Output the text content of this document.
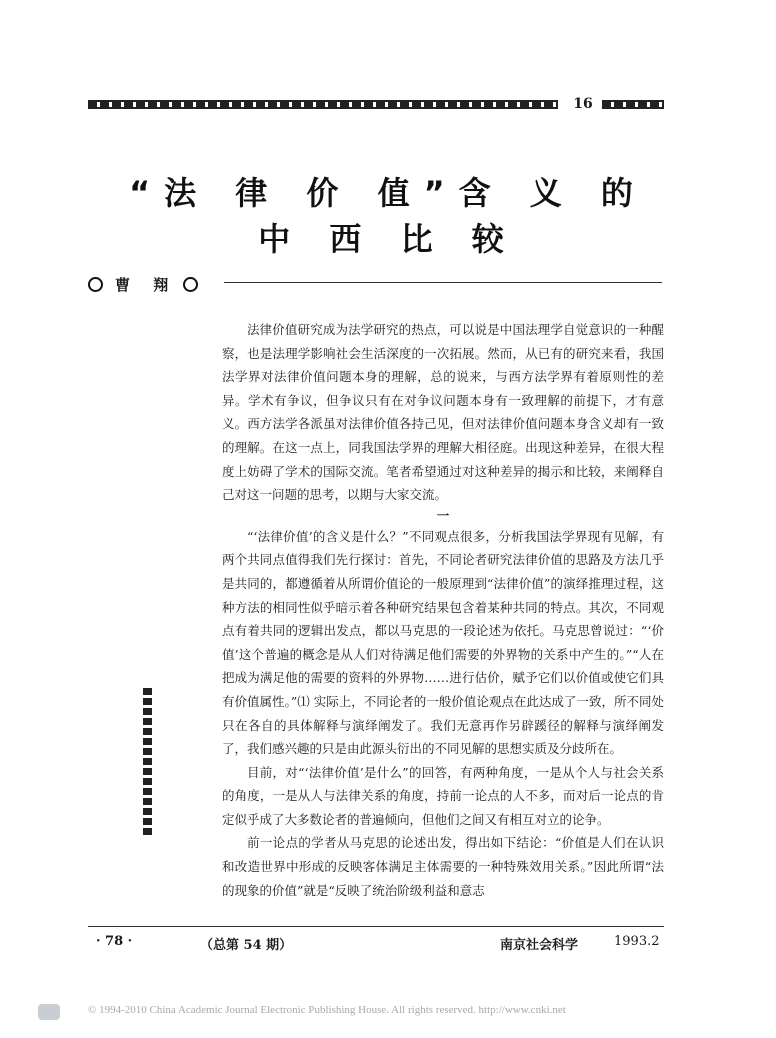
16
“法 律 价 值”含 义 的 中 西 比 较
曹 翔

法律价值研究成为法学研究的热点，可以说是中国法理学自觉意识的一种醒察，也是法理学影响社会生活深度的一次拓展。然而，从已有的研究来看，我国法学界对法律价值问题本身的理解，总的说来，与西方法学界有着原则性的差异。学术有争议，但争议只有在对争议问题本身有一致理解的前提下，才有意义。西方法学各派虽对法律价值各持己见，但对法律价值问题本身含义却有一致的理解。在这一点上，同我国法学界的理解大相径庭。出现这种差异，在很大程度上妨碍了学术的国际交流。笔者希望通过对这种差异的揭示和比较，来阐释自己对这一问题的思考，以期与大家交流。

一

“‘法律价值’的含义是什么？”不同观点很多，分析我国法学界现有见解，有两个共同点值得我们先行探讨：首先，不同论者研究法律价值的思路及方法几乎是共同的，都遵循着从所谓价值论的一般原理到“法律价值”的演绎推理过程，这种方法的相同性似乎暗示着各种研究结果包含着某种共同的特点。其次，不同观点有着共同的逻辑出发点，都以马克思的一段论述为依托。马克思曾说过：“‘价值’这个普遍的概念是从人们对待满足他们需要的外界物的关系中产生的。”“人在把成为满足他的需要的资料的外界物……进行估价，赋予它们以价值或使它们具有价值属性。”⑴ 实际上，不同论者的一般价值论观点在此达成了一致，所不同处只在各自的具体解释与演绎阐发了。我们无意再作另辟蹊径的解释与演绎阐发了，我们感兴趣的只是由此源头衍出的不同见解的思想实质及分歧所在。

目前，对“‘法律价值’是什么”的回答，有两种角度，一是从个人与社会关系的角度，一是从人与法律关系的角度，持前一论点的人不多，而对后一论点的肯定似乎成了大多数论者的普遍倾向，但他们之间又有相互对立的论争。

前一论点的学者从马克思的论述出发，得出如下结论：“价值是人们在认识和改造世界中形成的反映客体满足主体需要的一种特殊效用关系。”因此所谓“法的现象的价值”就是“反映了统治阶级利益和意志

· 78 ·	（总第 54 期）	南京社会科学	1993.2
© 1994-2010 China Academic Journal Electronic Publishing House. All rights reserved. http://www.cnki.net
